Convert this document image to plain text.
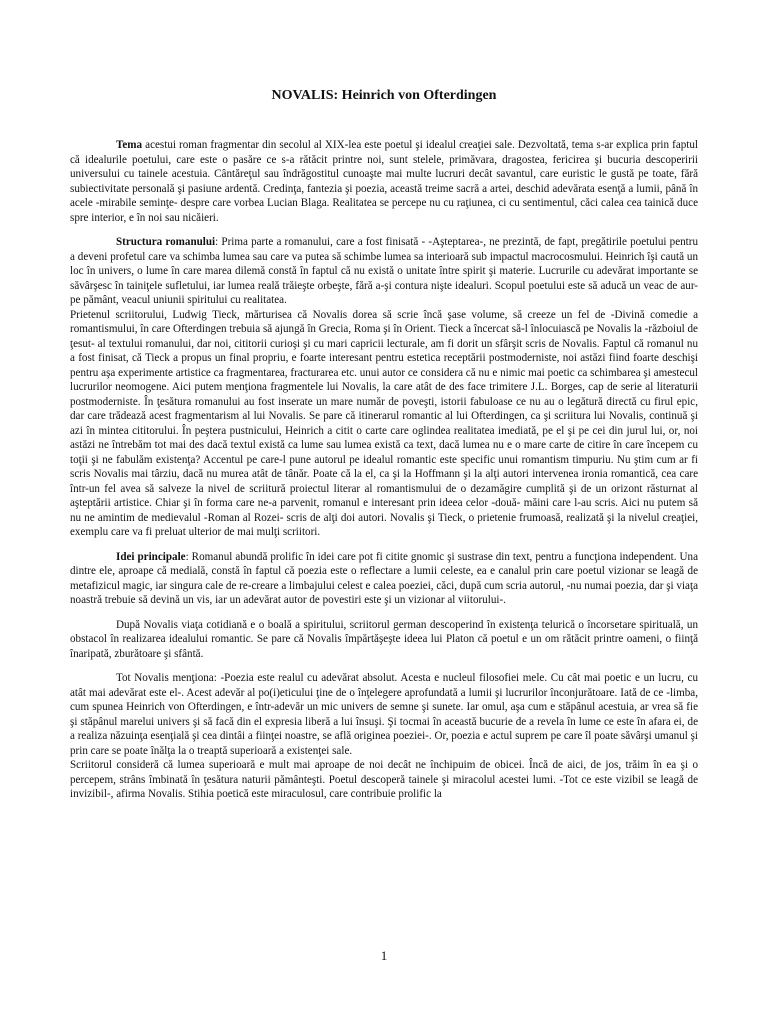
NOVALIS: Heinrich von Ofterdingen

Tema acestui roman fragmentar din secolul al XIX-lea este poetul şi idealul creaţiei sale. Dezvoltată, tema s-ar explica prin faptul că idealurile poetului, care este o pasăre ce s-a rătăcit printre noi, sunt stelele, primăvara, dragostea, fericirea şi bucuria descoperirii universului cu tainele acestuia. Cântăreţul sau îndrăgostitul cunoaşte mai multe lucruri decât savantul, care euristic le gustă pe toate, fără subiectivitate personală şi pasiune ardentă. Credinţa, fantezia şi poezia, această treime sacră a artei, deschid adevărata esenţă a lumii, până în acele -mirabile seminţe- despre care vorbea Lucian Blaga. Realitatea se percepe nu cu raţiunea, ci cu sentimentul, căci calea cea tainică duce spre interior, e în noi sau nicăieri.

Structura romanului: Prima parte a romanului, care a fost finisată - -Aşteptarea-, ne prezintă, de fapt, pregătirile poetului pentru a deveni profetul care va schimba lumea sau care va putea să schimbe lumea sa interioară sub impactul macrocosmului. Heinrich îşi caută un loc în univers, o lume în care marea dilemă constă în faptul că nu există o unitate între spirit şi materie. Lucrurile cu adevărat importante se săvârşesc în tainiţele sufletului, iar lumea reală trăieşte orbeşte, fără a-şi contura nişte idealuri. Scopul poetului este să aducă un veac de aur- pe pământ, veacul uniunii spiritului cu realitatea.

Prietenul scriitorului, Ludwig Tieck, mărturisea că Novalis dorea să scrie încă şase volume, să creeze un fel de -Divină comedie a romantismului, în care Ofterdingen trebuia să ajungă în Grecia, Roma şi în Orient. Tieck a încercat să-l înlocuiască pe Novalis la -războiul de ţesut- al textului romanului, dar noi, cititorii curioşi şi cu mari capricii lecturale, am fi dorit un sfârşit scris de Novalis. Faptul că romanul nu a fost finisat, că Tieck a propus un final propriu, e foarte interesant pentru estetica receptării postmoderniste, noi astăzi fiind foarte deschişi pentru aşa experimente artistice ca fragmentarea, fracturarea etc. unui autor ce considera că nu e nimic mai poetic ca schimbarea şi amestecul lucrurilor neomogene. Aici putem menţiona fragmentele lui Novalis, la care atât de des face trimitere J.L. Borges, cap de serie al literaturii postmoderniste. În ţesătura romanului au fost inserate un mare număr de poveşti, istorii fabuloase ce nu au o legătură directă cu firul epic, dar care trădează acest fragmentarism al lui Novalis. Se pare că itinerarul romantic al lui Ofterdingen, ca şi scriitura lui Novalis, continuă şi azi în mintea cititorului. În peştera pustnicului, Heinrich a citit o carte care oglindea realitatea imediată, pe el şi pe cei din jurul lui, or, noi astăzi ne întrebăm tot mai des dacă textul există ca lume sau lumea există ca text, dacă lumea nu e o mare carte de citire în care începem cu toţii şi ne fabulăm existenţa? Accentul pe care-l pune autorul pe idealul romantic este specific unui romantism timpuriu. Nu ştim cum ar fi scris Novalis mai târziu, dacă nu murea atât de tânăr. Poate că la el, ca şi la Hoffmann şi la alţi autori intervenea ironia romantică, cea care într-un fel avea să salveze la nivel de scriitură proiectul literar al romantismului de o dezamăgire cumplită şi de un orizont răsturnat al aşteptării artistice. Chiar şi în forma care ne-a parvenit, romanul e interesant prin ideea celor -două- măini care l-au scris. Aici nu putem să nu ne amintim de medievalul -Roman al Rozei- scris de alţi doi autori. Novalis şi Tieck, o prietenie frumoasă, realizată şi la nivelul creaţiei, exemplu care va fi preluat ulterior de mai mulţi scriitori.

Idei principale: Romanul abundă prolific în idei care pot fi citite gnomic şi sustrase din text, pentru a funcţiona independent. Una dintre ele, aproape că medială, constă în faptul că poezia este o reflectare a lumii celeste, ea e canalul prin care poetul vizionar se leagă de metafizicul magic, iar singura cale de re-creare a limbajului celest e calea poeziei, căci, după cum scria autorul, -nu numai poezia, dar şi viaţa noastră trebuie să devină un vis, iar un adevărat autor de povestiri este şi un vizionar al viitorului-.

După Novalis viaţa cotidiană e o boală a spiritului, scriitorul german descoperind în existenţa telurică o încorsetare spirituală, un obstacol în realizarea idealului romantic. Se pare că Novalis împărtăşeşte ideea lui Platon că poetul e un om rătăcit printre oameni, o fiinţă înaripată, zburătoare şi sfântă.

Tot Novalis menţiona: -Poezia este realul cu adevărat absolut. Acesta e nucleul filosofiei mele. Cu cât mai poetic e un lucru, cu atât mai adevărat este el-. Acest adevăr al po(i)eticului ţine de o înţelegere aprofundată a lumii şi lucrurilor înconjurătoare. Iată de ce -limba, cum spunea Heinrich von Ofterdingen, e într-adevăr un mic univers de semne şi sunete. Iar omul, aşa cum e stăpânul acestuia, ar vrea să fie şi stăpânul marelui univers şi să facă din el expresia liberă a lui însuşi. Şi tocmai în această bucurie de a revela în lume ce este în afara ei, de a realiza năzuinţa esenţială şi cea dintâi a fiinţei noastre, se află originea poeziei-. Or, poezia e actul suprem pe care îl poate săvârşi umanul şi prin care se poate înălţa la o treaptă superioară a existenţei sale.

Scriitorul consideră că lumea superioară e mult mai aproape de noi decât ne închipuim de obicei. Încă de aici, de jos, trăim în ea şi o percepem, strâns îmbinată în ţesătura naturii pământeşti. Poetul descoperă tainele şi miracolul acestei lumi. -Tot ce este vizibil se leagă de invizibil-, afirma Novalis. Stihia poetică este miraculosul, care contribuie prolific la

1
